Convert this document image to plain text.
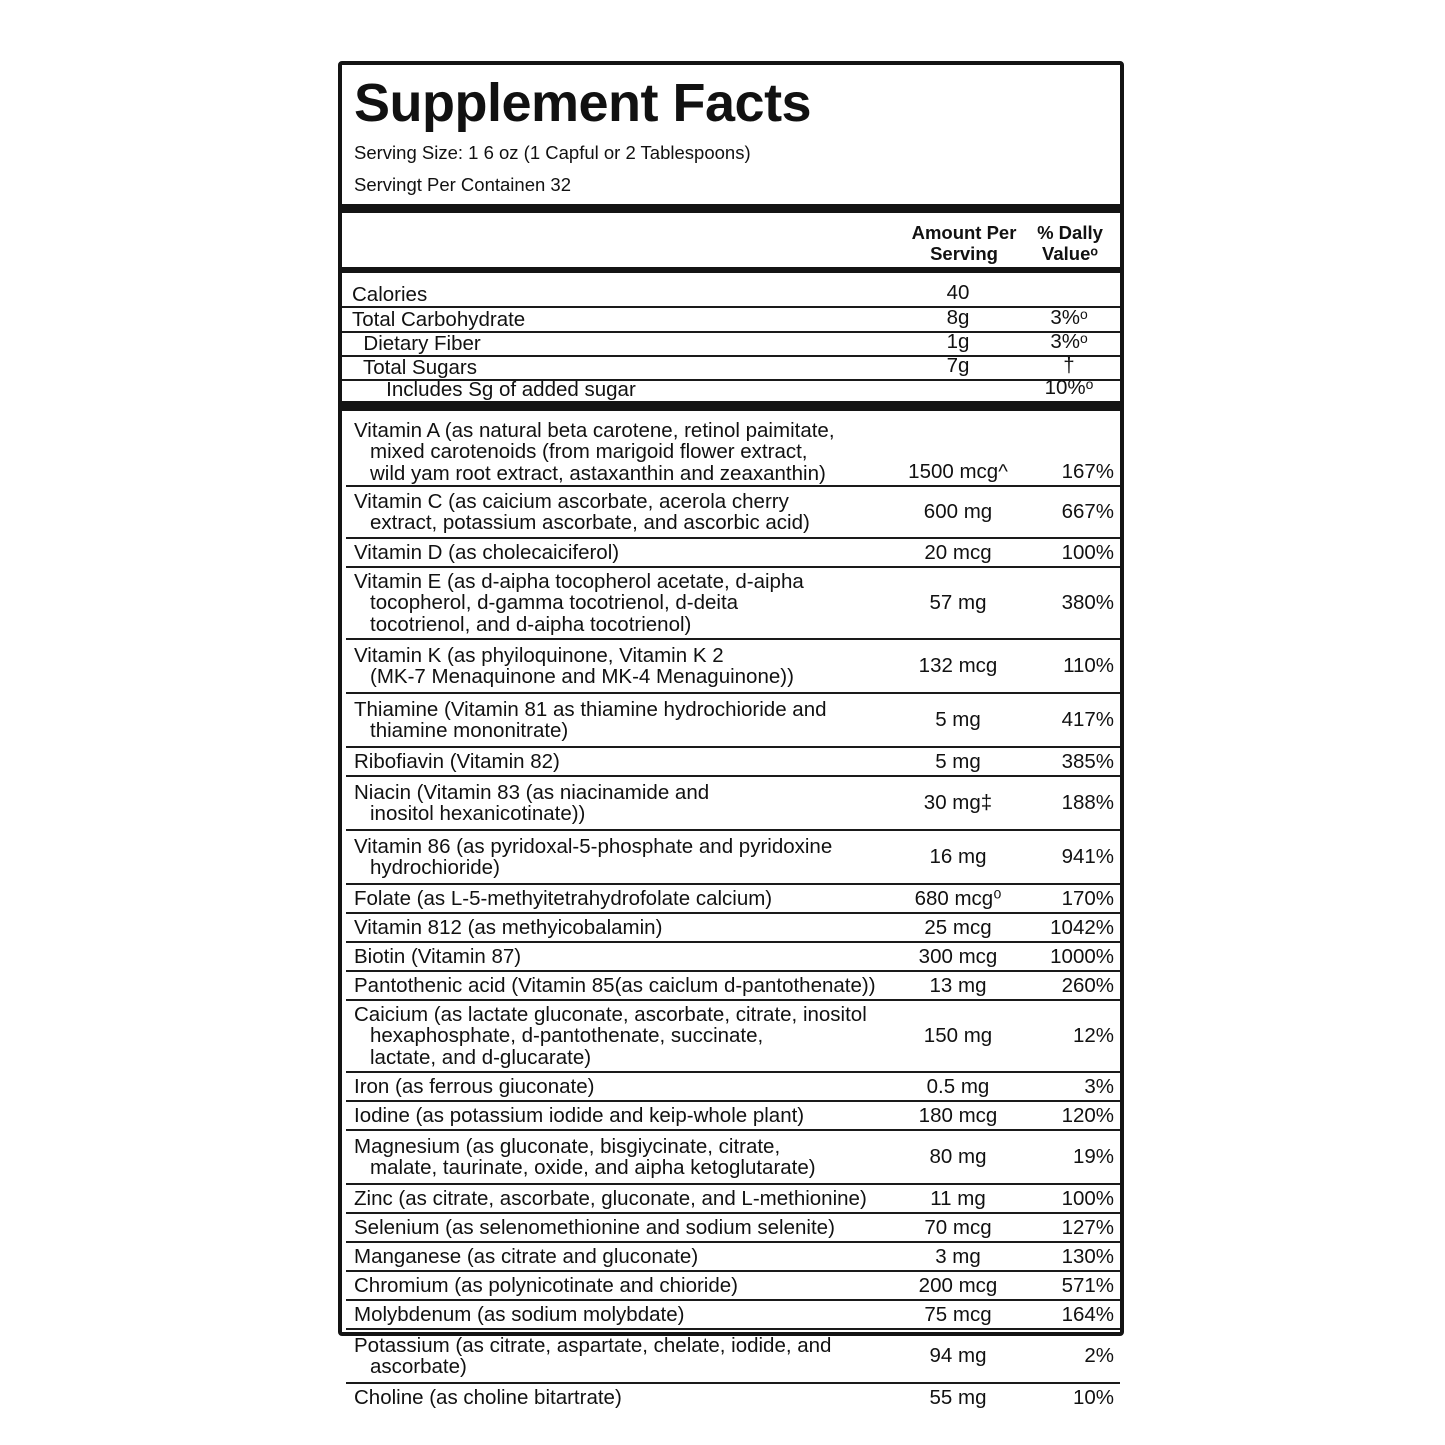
Supplement Facts
Serving Size: 1 6 oz (1 Capful or 2 Tablespoons)
Servingt Per Containen 32
Amount Per
Serving
% Dally
Valueᵒ
Calories	40
Total Carbohydrate	8g	3%ᵒ
Dietary Fiber	1g	3%ᵒ
Total Sugars	7g	†
Includes Sg of added sugar	10%ᵒ
Vitamin A (as natural beta carotene, retinol paimitate,
mixed carotenoids (from marigoid flower extract,
wild yam root extract, astaxanthin and zeaxanthin)	1500 mcg^	167%
Vitamin C (as caicium ascorbate, acerola cherry
extract, potassium ascorbate, and ascorbic acid)	600 mg	667%
Vitamin D (as cholecaiciferol)	20 mcg	100%
Vitamin E (as d-aipha tocopherol acetate, d-aipha
tocopherol, d-gamma tocotrienol, d-deita
tocotrienol, and d-aipha tocotrienol)
57 mg	380%
Vitamin K (as phyiloquinone, Vitamin K 2
(MK-7 Menaquinone and MK-4 Menaguinone))	132 mcg	110%
Thiamine (Vitamin 81 as thiamine hydrochioride and
thiamine mononitrate)	5 mg	417%
Ribofiavin (Vitamin 82)	5 mg	385%
Niacin (Vitamin 83 (as niacinamide and
inositol hexanicotinate))	30 mg‡	188%
Vitamin 86 (as pyridoxal-5-phosphate and pyridoxine
hydrochioride)	16 mg	941%
Folate (as L-5-methyitetrahydrofolate calcium)	680 mcg⁰	170%
Vitamin 812 (as methyicobalamin)	25 mcg	1042%
Biotin (Vitamin 87)	300 mcg	1000%
Pantothenic acid (Vitamin 85(as caiclum d-pantothenate))	13 mg	260%
Caicium (as lactate gluconate, ascorbate, citrate, inositol
hexaphosphate, d-pantothenate, succinate,
lactate, and d-glucarate)
150 mg	12%
Iron (as ferrous giuconate)	0.5 mg	3%
Iodine (as potassium iodide and keip-whole plant)	180 mcg	120%
Magnesium (as gluconate, bisgiycinate, citrate,
malate, taurinate, oxide, and aipha ketoglutarate)	80 mg	19%
Zinc (as citrate, ascorbate, gluconate, and L-methionine)	11 mg	100%
Selenium (as selenomethionine and sodium selenite)	70 mcg	127%
Manganese (as citrate and gluconate)	3 mg	130%
Chromium (as polynicotinate and chioride)	200 mcg	571%
Molybdenum (as sodium molybdate)	75 mcg	164%
Potassium (as citrate, aspartate, chelate, iodide, and
ascorbate)	94 mg	2%
Choline (as choline bitartrate)	55 mg	10%
